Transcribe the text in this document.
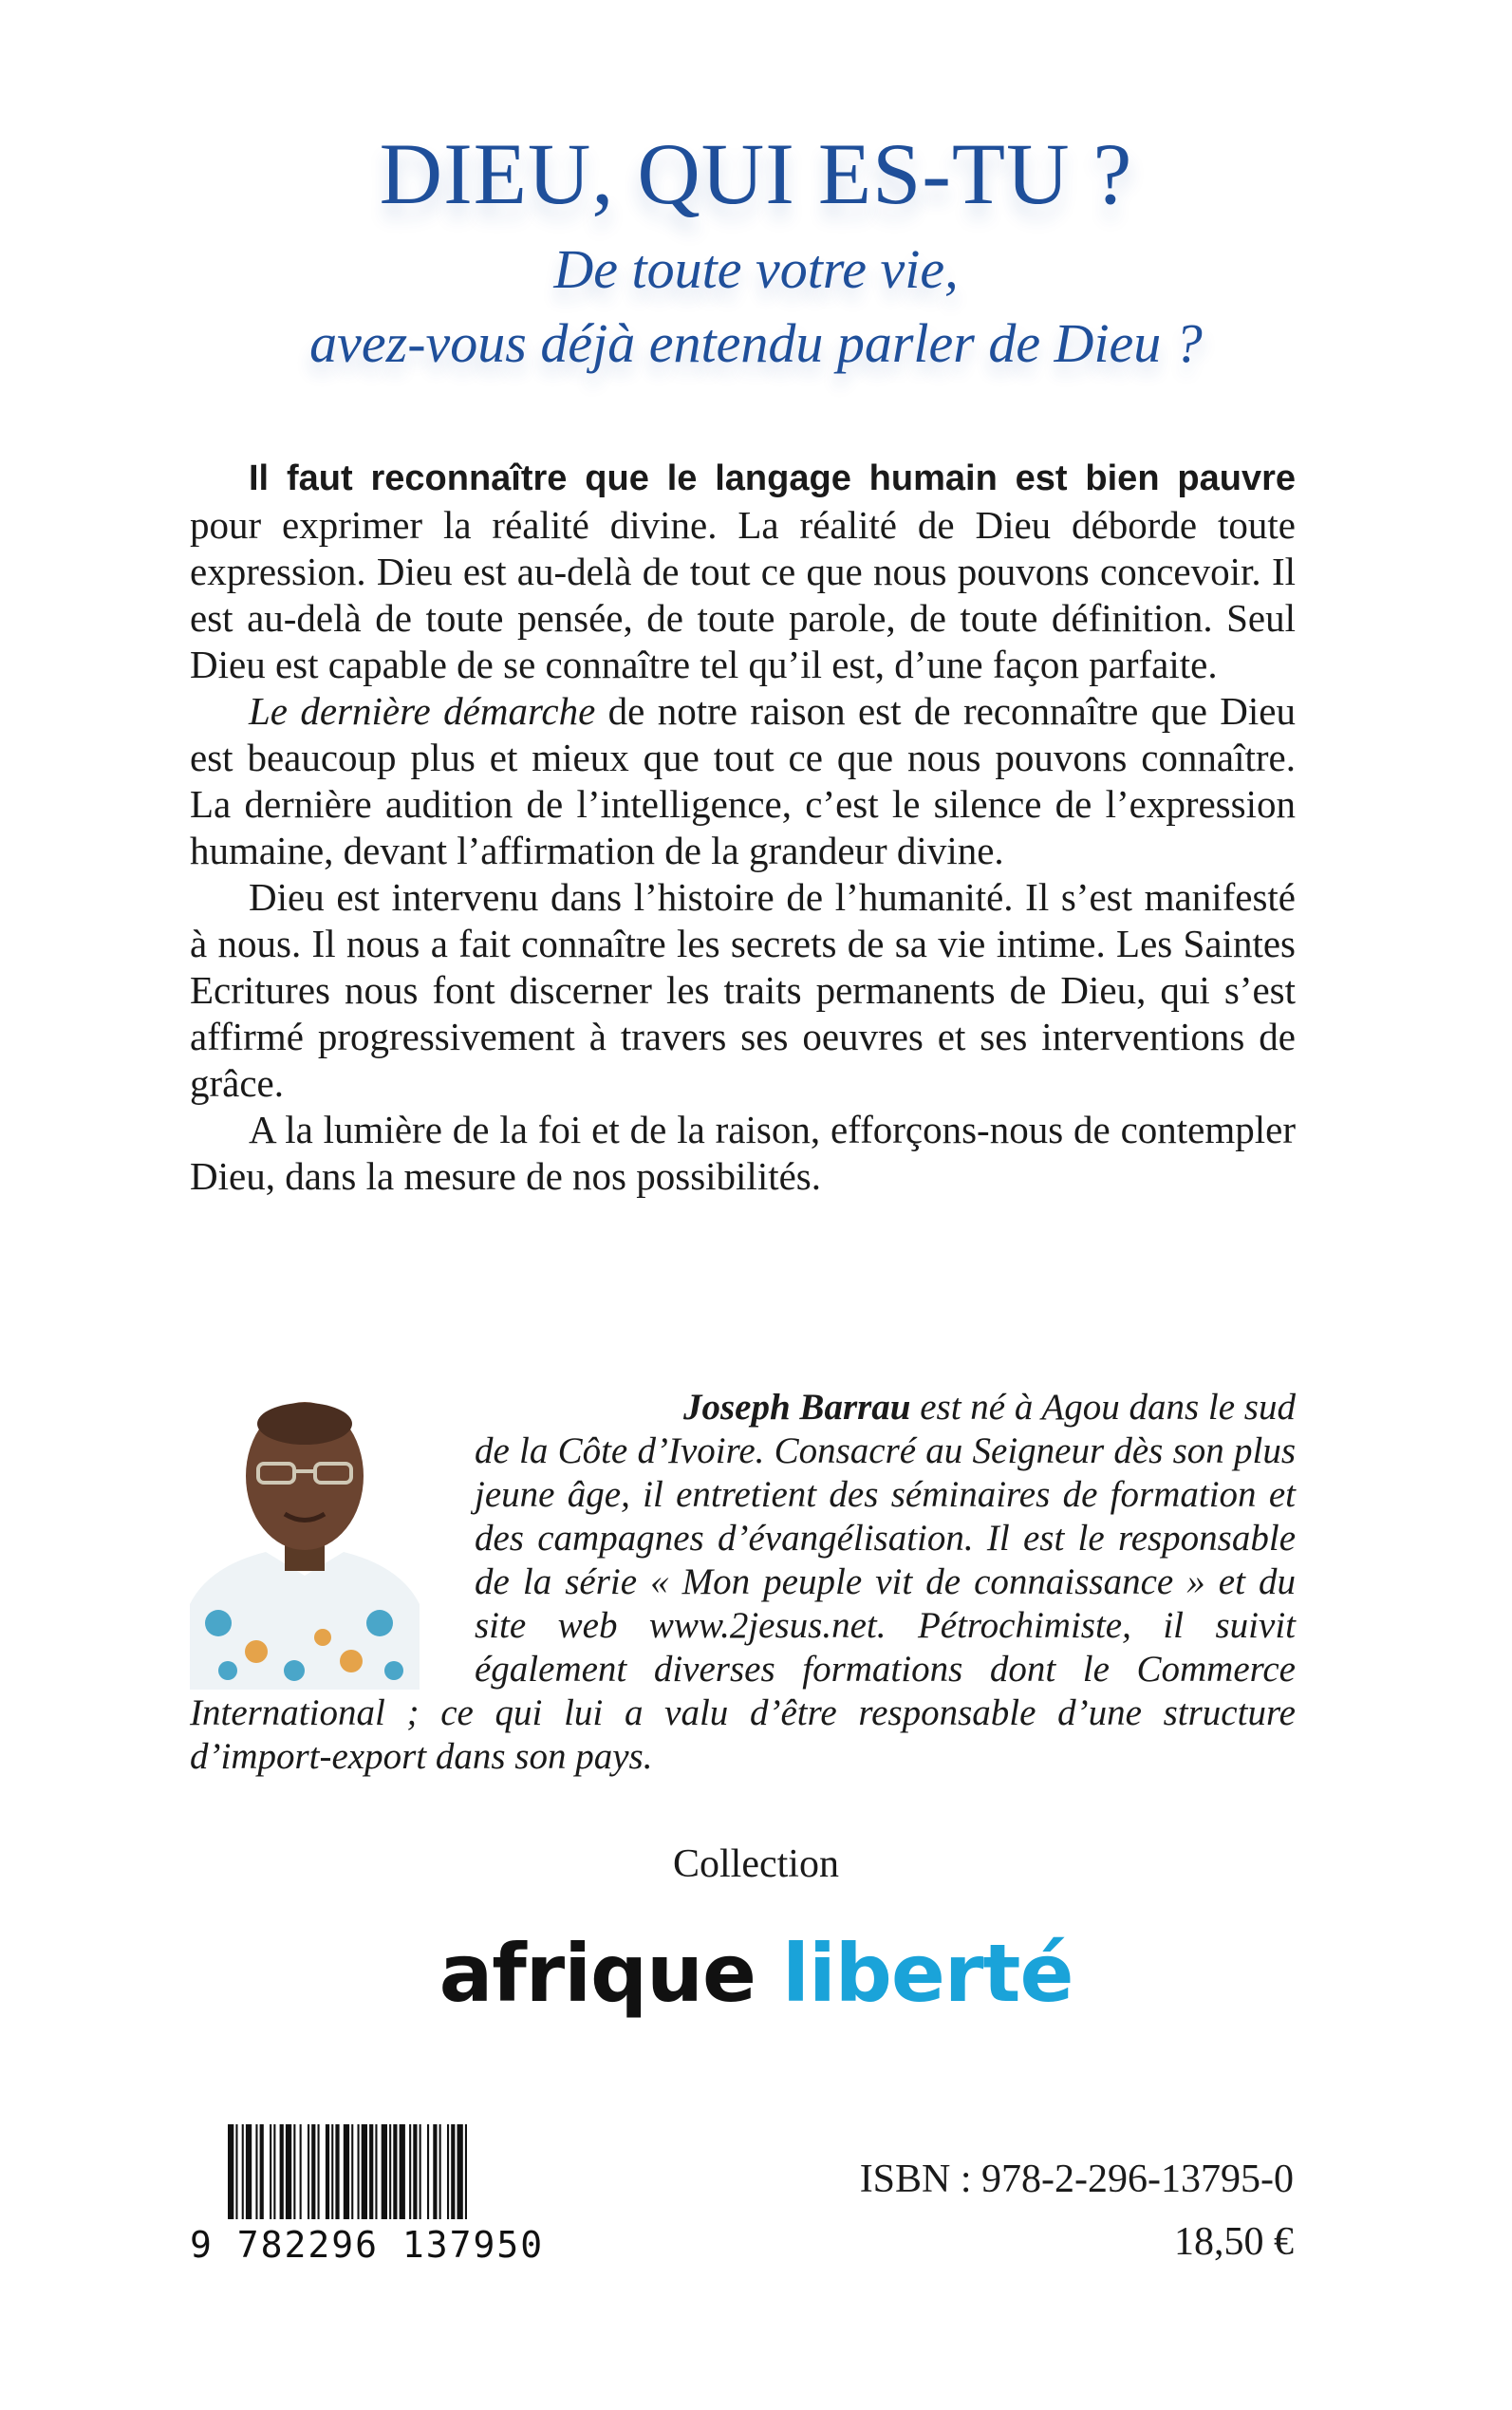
DIEU, QUI ES-TU ?
De toute votre vie,
avez-vous déjà entendu parler de Dieu ?

Il faut reconnaître que le langage humain est bien pauvre pour exprimer la réalité divine. La réalité de Dieu déborde toute expression. Dieu est au-delà de tout ce que nous pouvons concevoir. Il est au-delà de toute pensée, de toute parole, de toute définition. Seul Dieu est capable de se connaître tel qu’il est, d’une façon parfaite.

Le dernière démarche de notre raison est de reconnaître que Dieu est beaucoup plus et mieux que tout ce que nous pouvons connaître. La dernière audition de l’intelligence, c’est le silence de l’expression humaine, devant l’affirmation de la grandeur divine.

Dieu est intervenu dans l’histoire de l’humanité. Il s’est manifesté à nous. Il nous a fait connaître les secrets de sa vie intime. Les Saintes Ecritures nous font discerner les traits permanents de Dieu, qui s’est affirmé progressivement à travers ses oeuvres et ses interventions de grâce.

A la lumière de la foi et de la raison, efforçons-nous de contempler Dieu, dans la mesure de nos possibilités.

Joseph Barrau est né à Agou dans le sud de la Côte d’Ivoire. Consacré au Seigneur dès son plus jeune âge, il entretient des séminaires de formation et des campagnes d’évangélisation. Il est le responsable de la série « Mon peuple vit de connaissance » et du site web www.2jesus.net. Pétrochimiste, il suivit également diverses formations dont le Commerce International ; ce qui lui a valu d’être responsable d’une structure d’import-export dans son pays.
Collection
afrique liberté
9 782296 137950
ISBN : 978-2-296-13795-0
18,50 €
